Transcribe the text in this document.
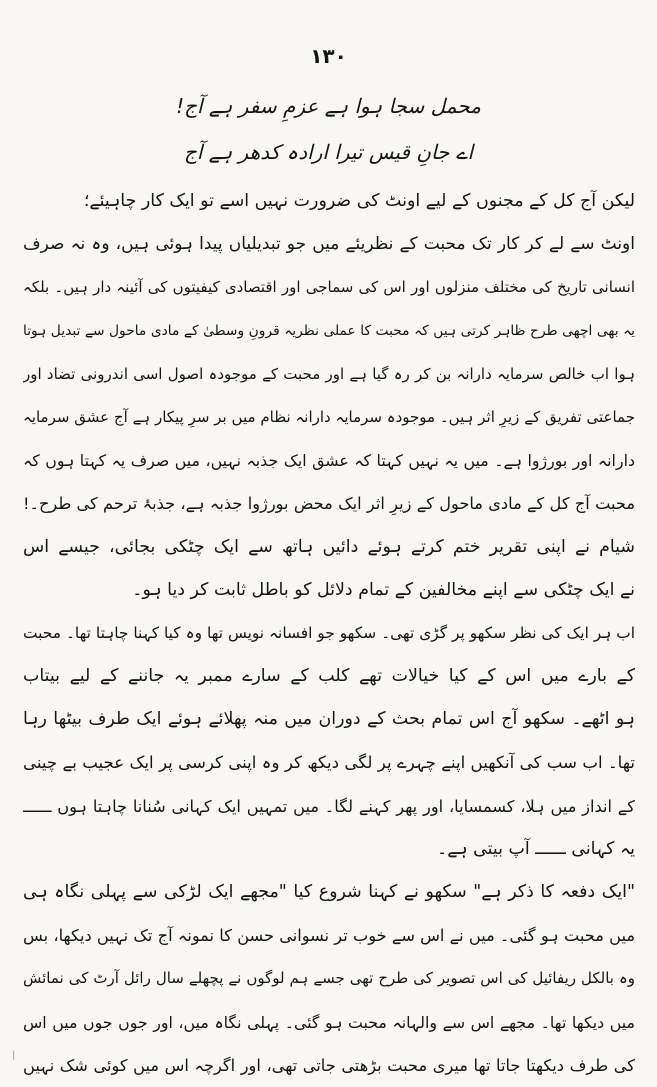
۱۳۰
محمل سجا ہوا ہے عزمِ سفر ہے آج!
اے جانِ قیس تیرا ارادہ کدھر ہے آج
لیکن آج کل کے مجنوں کے لیے اونٹ کی ضرورت نہیں اسے تو ایک کار چاہیئے؛
اونٹ سے لے کر کار تک محبت کے نظریئے میں جو تبدیلیاں پیدا ہوئی ہیں، وہ نہ صرف
انسانی تاریخ کی مختلف منزلوں اور اس کی سماجی اور اقتصادی کیفیتوں کی آئینہ دار ہیں۔ بلکہ
یہ بھی اچھی طرح ظاہر کرتی ہیں کہ محبت کا عملی نظریہ قرونِ وسطیٰ کے مادی ماحول سے تبدیل ہوتا
ہوا اب خالص سرمایہ دارانہ بن کر رہ گیا ہے اور محبت کے موجودہ اصول اسی اندرونی تضاد اور
جماعتی تفریق کے زیرِ اثر ہیں۔ موجودہ سرمایہ دارانہ نظام میں بر سرِ پیکار ہے آج عشق سرمایہ
دارانہ اور بورژوا ہے۔ میں یہ نہیں کہتا کہ عشق ایک جذبہ نہیں، میں صرف یہ کہتا ہوں کہ
محبت آج کل کے مادی ماحول کے زیرِ اثر ایک محض بورژوا جذبہ ہے، جذبۂ ترحم کی طرح۔!
شیام نے اپنی تقریر ختم کرتے ہوئے دائیں ہاتھ سے ایک چٹکی بجائی، جیسے اس
نے ایک چٹکی سے اپنے مخالفین کے تمام دلائل کو باطل ثابت کر دیا ہو۔
اب ہر ایک کی نظر سکھو پر گڑی تھی۔ سکھو جو افسانہ نویس تھا وہ کیا کہنا چاہتا تھا۔ محبت
کے بارے میں اس کے کیا خیالات تھے کلب کے سارے ممبر یہ جاننے کے لیے بیتاب
ہو اٹھے۔ سکھو آج اس تمام بحث کے دوران میں منہ پھلائے ہوئے ایک طرف بیٹھا رہا
تھا۔ اب سب کی آنکھیں اپنے چہرے پر لگی دیکھ کر وہ اپنی کرسی پر ایک عجیب بے چینی
کے انداز میں ہلا، کسمسایا، اور پھر کہنے لگا۔ میں تمہیں ایک کہانی سُنانا چاہتا ہوں ــــــ
یہ کہانی ــــــ آپ بیتی ہے۔
"ایک دفعہ کا ذکر ہے" سکھو نے کہنا شروع کیا "مجھے ایک لڑکی سے پہلی نگاہ ہی
میں محبت ہو گئی۔ میں نے اس سے خوب تر نسوانی حسن کا نمونہ آج تک نہیں دیکھا، بس
وہ بالکل ریفائیل کی اس تصویر کی طرح تھی جسے ہم لوگوں نے پچھلے سال رائل آرٹ کی نمائش
میں دیکھا تھا۔ مجھے اس سے والہانہ محبت ہو گئی۔ پہلی نگاہ میں، اور جوں جوں میں اس
کی طرف دیکھتا جاتا تھا میری محبت بڑھتی جاتی تھی، اور اگرچہ اس میں کوئی شک نہیں
|
